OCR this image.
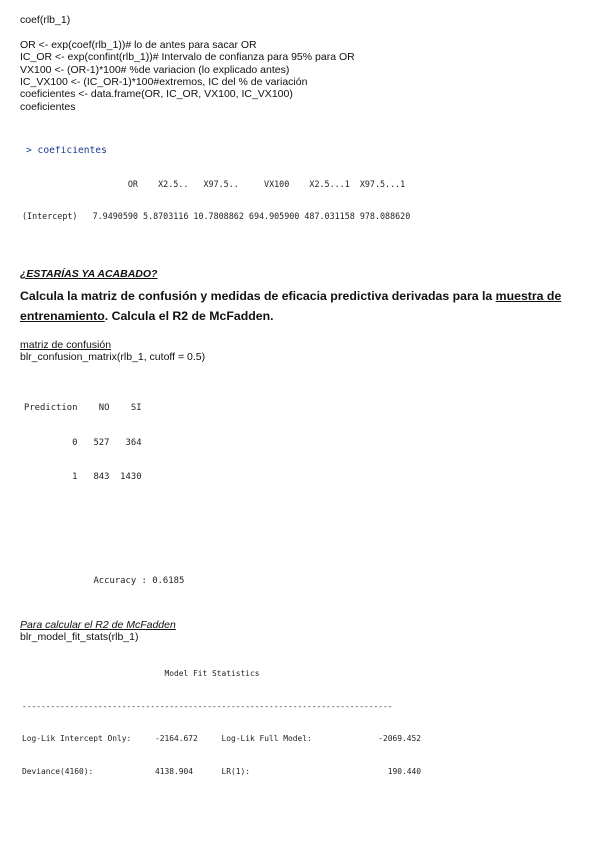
coef(rlb_1)
OR <- exp(coef(rlb_1))# lo de antes para sacar OR
IC_OR <- exp(confint(rlb_1))# Intervalo de confianza para 95% para OR
VX100 <- (OR-1)*100# %de variacion (lo explicado antes)
IC_VX100 <- (IC_OR-1)*100#extremos, IC del % de variación
coeficientes <- data.frame(OR, IC_OR, VX100, IC_VX100)
coeficientes
> coeficientes

OR    X2.5..   X97.5..     VX100    X2.5...1  X97.5...1

(Intercept)   7.9490590 5.8703116 10.7808862 694.905900 487.031158 978.088620

¿ESTARÍAS YA ACABADO?
Calcula la matriz de confusión y medidas de eficacia predictiva derivadas para la muestra de entrenamiento. Calcula el R2 de McFadden.
matriz de confusión
blr_confusion_matrix(rlb_1, cutoff = 0.5)

Prediction    NO    SI

0   527   364

1   843  1430

Accuracy : 0.6185

Para calcular el R2 de McFadden
blr_model_fit_stats(rlb_1)

Model Fit Statistics

------------------------------------------------------------------------------

Log-Lik Intercept Only:     -2164.672     Log-Lik Full Model:              -2069.452

Deviance(4160):             4138.904      LR(1):                             190.440
